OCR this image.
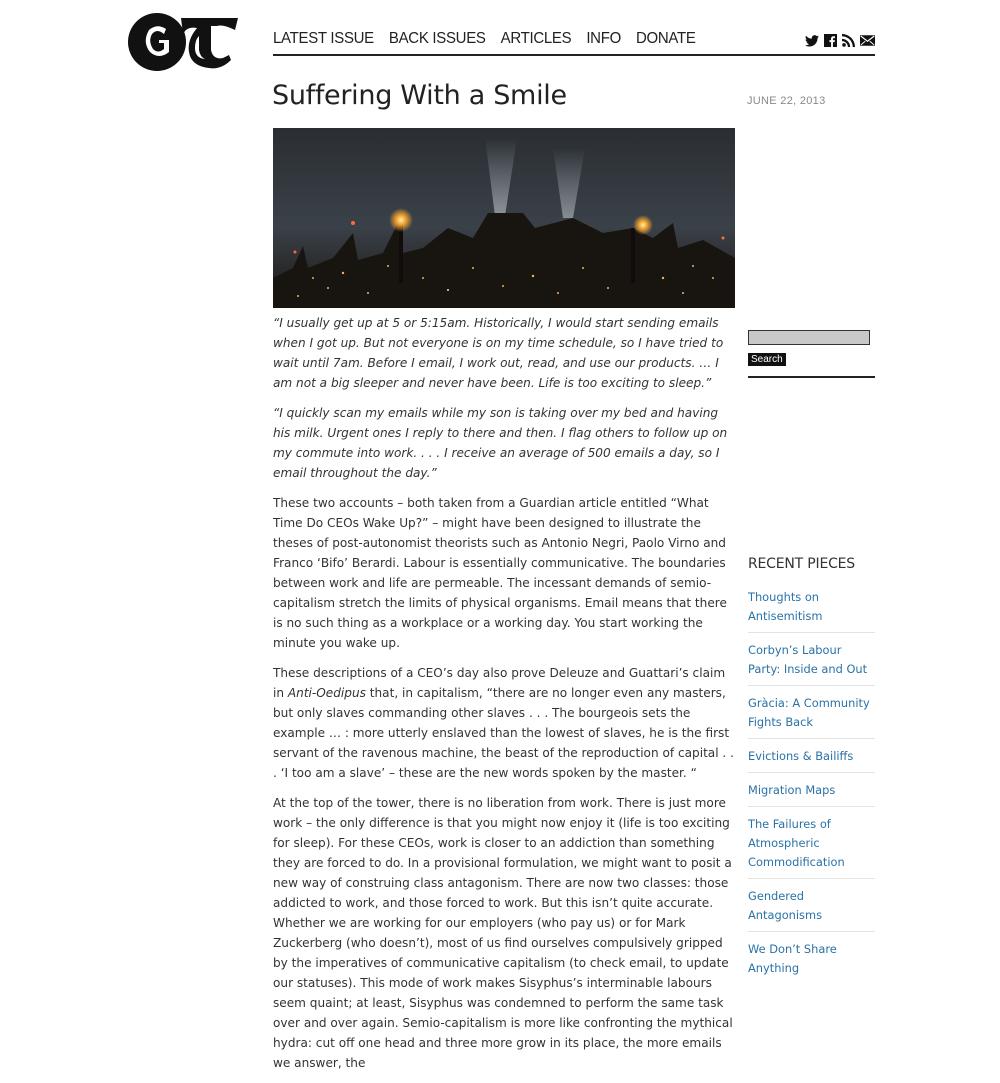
LATEST ISSUE BACK ISSUES ARTICLES INFO DONATE
Suffering With a Smile	JUNE 22, 2013

“I usually get up at 5 or 5:15am. Historically, I would start sending emails when I got up. But not everyone is on my time schedule, so I have tried to wait until 7am. Before I email, I work out, read, and use our products. … I am not a big sleeper and never have been. Life is too exciting to sleep.”

“I quickly scan my emails while my son is taking over my bed and having his milk. Urgent ones I reply to there and then. I flag others to follow up on my commute into work. . . . I receive an average of 500 emails a day, so I email throughout the day.”

These two accounts – both taken from a Guardian article entitled “What Time Do CEOs Wake Up?” – might have been designed to illustrate the theses of post-autonomist theorists such as Antonio Negri, Paolo Virno and Franco ‘Bifo’ Berardi. Labour is essentially communicative. The boundaries between work and life are permeable. The incessant demands of semio-capitalism stretch the limits of physical organisms. Email means that there is no such thing as a workplace or a working day. You start working the minute you wake up.

These descriptions of a CEO’s day also prove Deleuze and Guattari’s claim in Anti-Oedipus that, in capitalism, “there are no longer even any masters, but only slaves commanding other slaves . . . The bourgeois sets the example … : more utterly enslaved than the lowest of slaves, he is the first servant of the ravenous machine, the beast of the reproduction of capital . . . ‘I too am a slave’ – these are the new words spoken by the master. “

At the top of the tower, there is no liberation from work. There is just more work – the only difference is that you might now enjoy it (life is too exciting for sleep). For these CEOs, work is closer to an addiction than something they are forced to do. In a provisional formulation, we might want to posit a new way of construing class antagonism. There are now two classes: those addicted to work, and those forced to work. But this isn’t quite accurate. Whether we are working for our employers (who pay us) or for Mark Zuckerberg (who doesn’t), most of us find ourselves compulsively gripped by the imperatives of communicative capitalism (to check email, to update our statuses). This mode of work makes Sisyphus’s interminable labours seem quaint; at least, Sisyphus was condemned to perform the same task over and over again. Semio-capitalism is more like confronting the mythical hydra: cut off one head and three more grow in its place, the more emails we answer, the

Search
RECENT PIECES
Thoughts on Antisemitism
Corbyn’s Labour Party: Inside and Out
Gràcia: A Community Fights Back
Evictions & Bailiffs
Migration Maps
The Failures of Atmospheric Commodification
Gendered Antagonisms
We Don’t Share Anything
